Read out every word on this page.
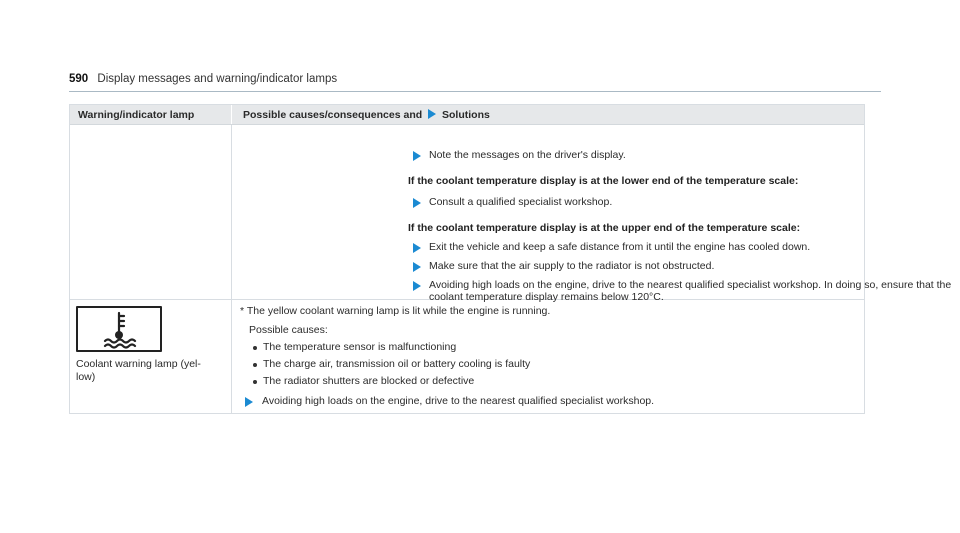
590 Display messages and warning/indicator lamps
Warning/indicator lamp	Possible causes/consequences and Solutions
Note the messages on the driver's display.
If the coolant temperature display is at the lower end of the temperature scale:
Consult a qualified specialist workshop.
If the coolant temperature display is at the upper end of the temperature scale:
Exit the vehicle and keep a safe distance from it until the engine has cooled down.
Make sure that the air supply to the radiator is not obstructed.
Avoiding high loads on the engine, drive to the nearest qualified specialist workshop. In doing so, ensure that the
coolant temperature display remains below 120°C.
Coolant warning lamp (yel-
low)
* The yellow coolant warning lamp is lit while the engine is running.
Possible causes:
The temperature sensor is malfunctioning
The charge air, transmission oil or battery cooling is faulty
The radiator shutters are blocked or defective
Avoiding high loads on the engine, drive to the nearest qualified specialist workshop.
